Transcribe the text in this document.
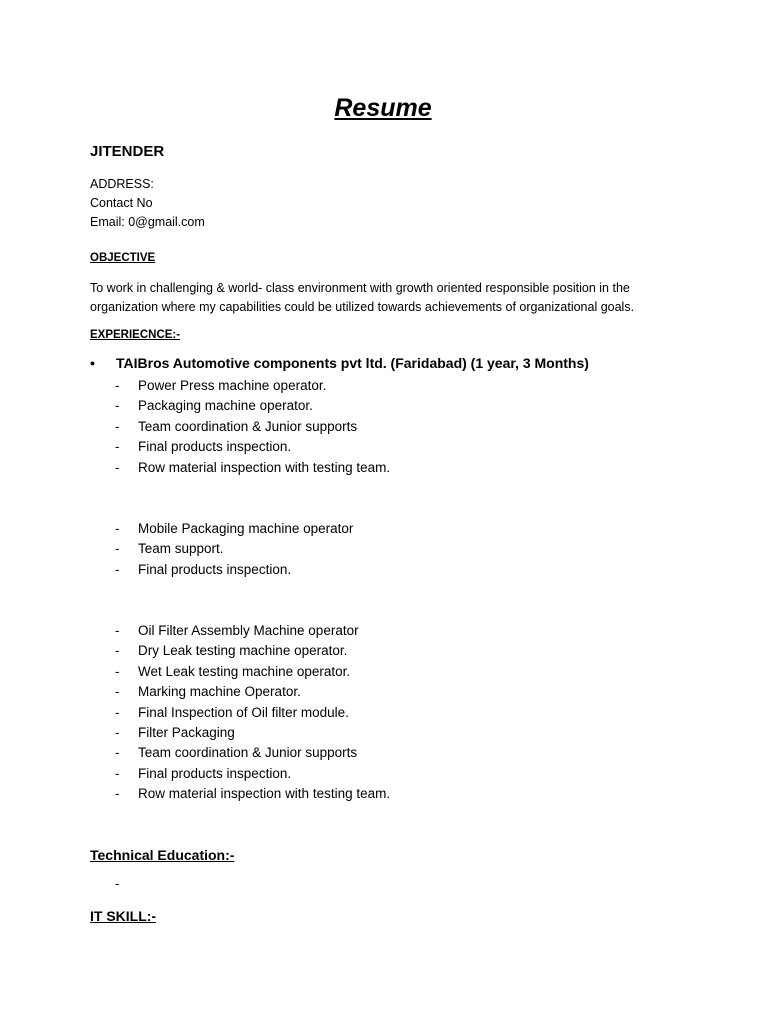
Resume
JITENDER
ADDRESS:
Contact No
Email: 0@gmail.com
OBJECTIVE
To work in challenging & world- class environment with growth oriented responsible position in the
organization where my capabilities could be utilized towards achievements of organizational goals.
EXPERIECNCE:-
• TAIBros Automotive components pvt ltd. (Faridabad) (1 year, 3 Months)
- Power Press machine operator.
- Packaging machine operator.
- Team coordination & Junior supports
- Final products inspection.
- Row material inspection with testing team.
- Mobile Packaging machine operator
- Team support.
- Final products inspection.
- Oil Filter Assembly Machine operator
- Dry Leak testing machine operator.
- Wet Leak testing machine operator.
- Marking machine Operator.
- Final Inspection of Oil filter module.
- Filter Packaging
- Team coordination & Junior supports
- Final products inspection.
- Row material inspection with testing team.
Technical Education:-
-
IT SKILL:-
